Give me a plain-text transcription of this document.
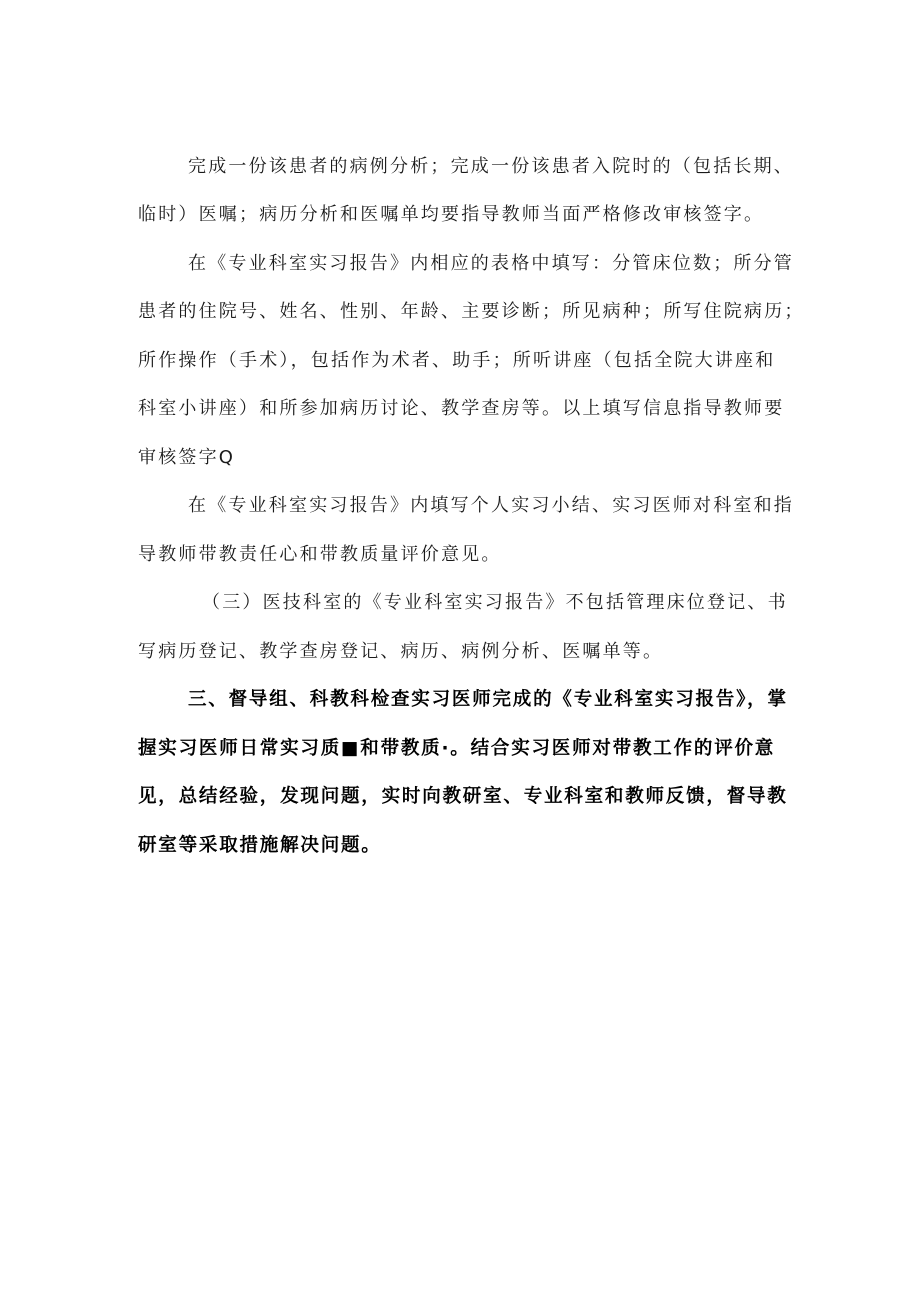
完成一份该患者的病例分析；完成一份该患者入院时的（包括长期、
临时）医嘱；病历分析和医嘱单均要指导教师当面严格修改审核签字。
在《专业科室实习报告》内相应的表格中填写：分管床位数；所分管
患者的住院号、姓名、性别、年龄、主要诊断；所见病种；所写住院病历；
所作操作（手术），包括作为术者、助手；所听讲座（包括全院大讲座和
科室小讲座）和所参加病历讨论、教学查房等。以上填写信息指导教师要
审核签字Q
在《专业科室实习报告》内填写个人实习小结、实习医师对科室和指
导教师带教责任心和带教质量评价意见。
（三）医技科室的《专业科室实习报告》不包括管理床位登记、书
写病历登记、教学查房登记、病历、病例分析、医嘱单等。
三、督导组、科教科检查实习医师完成的《专业科室实习报告》，掌
握实习医师日常实习质■和带教质·。结合实习医师对带教工作的评价意
见，总结经验，发现问题，实时向教研室、专业科室和教师反馈，督导教
研室等采取措施解决问题。
